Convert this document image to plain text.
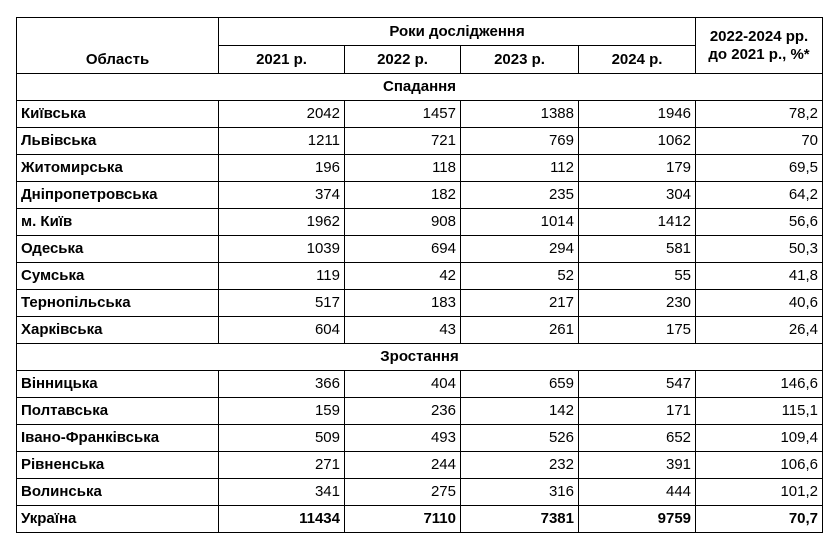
Область	Роки дослідження				2022-2024 рр.
до 2021 р., %*
	2021 р.	2022 р.	2023 р.	2024 р.	
Спадання					
Київська	2042	1457	1388	1946	78,2
Львівська	1211	721	769	1062	70
Житомирська	196	118	112	179	69,5
Дніпропетровська	374	182	235	304	64,2
м. Київ	1962	908	1014	1412	56,6
Одеська	1039	694	294	581	50,3
Сумська	119	42	52	55	41,8
Тернопільська	517	183	217	230	40,6
Харківська	604	43	261	175	26,4
Зростання					
Вінницька	366	404	659	547	146,6
Полтавська	159	236	142	171	115,1
Івано-Франківська	509	493	526	652	109,4
Рівненська	271	244	232	391	106,6
Волинська	341	275	316	444	101,2
Україна	11434	7110	7381	9759	70,7
